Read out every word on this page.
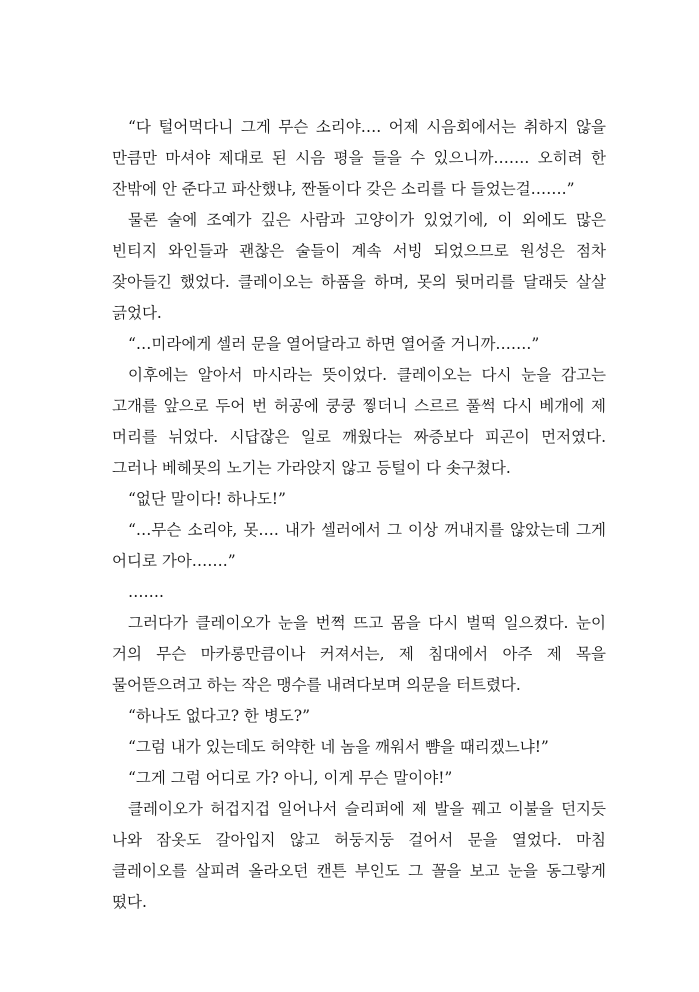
“다 털어먹다니 그게 무슨 소리야…. 어제 시음회에서는 취하지 않을 만큼만 마셔야 제대로 된 시음 평을 들을 수 있으니까……. 오히려 한 잔밖에 안 준다고 파산했냐, 짠돌이다 갖은 소리를 다 들었는걸…….”

물론 술에 조예가 깊은 사람과 고양이가 있었기에, 이 외에도 많은 빈티지 와인들과 괜찮은 술들이 계속 서빙 되었으므로 원성은 점차 잦아들긴 했었다. 클레이오는 하품을 하며, 못의 뒷머리를 달래듯 살살 긁었다.

“…미라에게 셀러 문을 열어달라고 하면 열어줄 거니까…….”

이후에는 알아서 마시라는 뜻이었다. 클레이오는 다시 눈을 감고는 고개를 앞으로 두어 번 허공에 쿵쿵 찧더니 스르르 풀썩 다시 베개에 제 머리를 뉘었다. 시답잖은 일로 깨웠다는 짜증보다 피곤이 먼저였다. 그러나 베헤못의 노기는 가라앉지 않고 등털이 다 솟구쳤다.

“없단 말이다! 하나도!”

“…무슨 소리야, 못…. 내가 셀러에서 그 이상 꺼내지를 않았는데 그게 어디로 가아…….”

…….

그러다가 클레이오가 눈을 번쩍 뜨고 몸을 다시 벌떡 일으켰다. 눈이 거의 무슨 마카롱만큼이나 커져서는, 제 침대에서 아주 제 목을 물어뜯으려고 하는 작은 맹수를 내려다보며 의문을 터트렸다.

“하나도 없다고? 한 병도?”

“그럼 내가 있는데도 허약한 네 놈을 깨워서 뺨을 때리겠느냐!”

“그게 그럼 어디로 가? 아니, 이게 무슨 말이야!”

클레이오가 허겁지겁 일어나서 슬리퍼에 제 발을 꿰고 이불을 던지듯 나와 잠옷도 갈아입지 않고 허둥지둥 걸어서 문을 열었다. 마침 클레이오를 살피려 올라오던 캔튼 부인도 그 꼴을 보고 눈을 동그랗게 떴다.
